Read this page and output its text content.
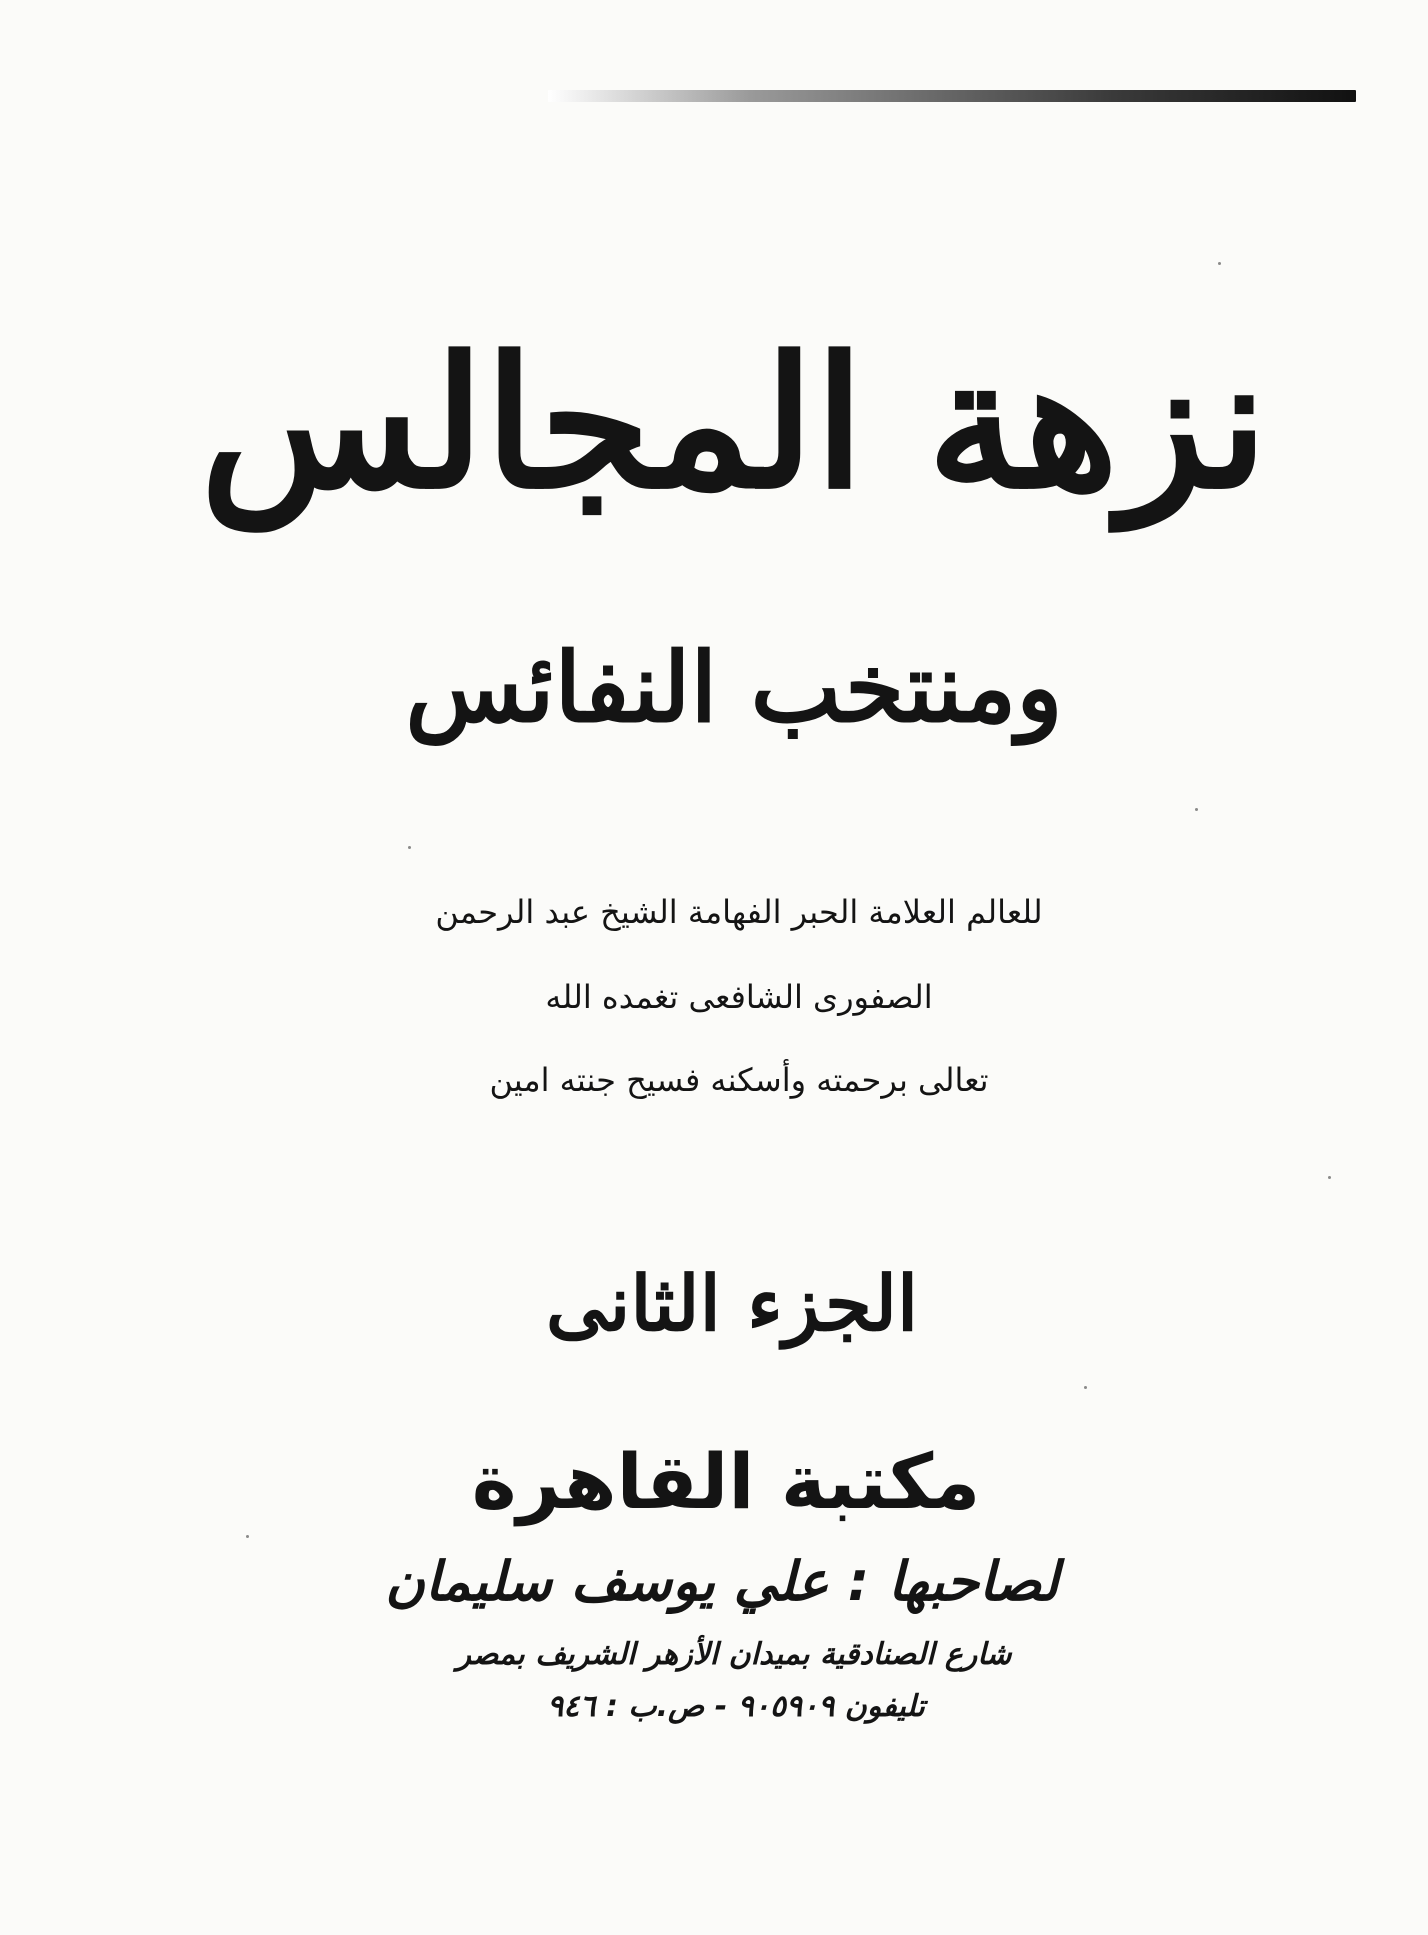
نزهة المجالس
ومنتخب النفائس
للعالم العلامة الحبر الفهامة الشيخ عبد الرحمن
الصفورى الشافعى تغمده الله
تعالى برحمته وأسكنه فسيح جنته امين
الجزء الثانى
مكتبة القاهرة
لصاحبها : علي يوسف سليمان
شارع الصنادقية بميدان الأزهر الشريف بمصر
تليفون ٩٠٥٩٠٩ - ص.ب : ٩٤٦
